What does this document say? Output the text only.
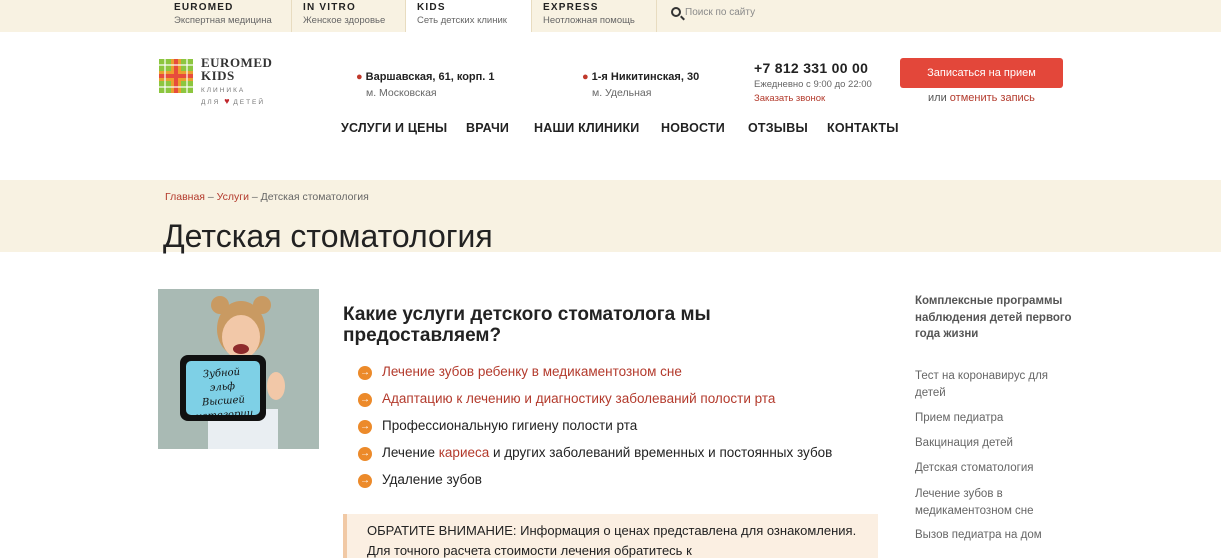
EUROMED
Экспертная медицина
IN VITRO
Женское здоровье
KIDS
Сеть детских клиник
EXPRESS
Неотложная помощь
Поиск по сайту
EUROMED
KIDS
КЛИНИКА
ДЛЯ ♥ ДЕТЕЙ
● Варшавская, 61, корп. 1
м. Московская
● 1-я Никитинская, 30
м. Удельная
+7 812 331 00 00
Ежедневно с 9:00 до 22:00
Заказать звонок
Записаться на прием
или отменить запись
УСЛУГИ И ЦЕНЫ ВРАЧИ НАШИ КЛИНИКИ НОВОСТИ ОТЗЫВЫ КОНТАКТЫ
Главная – Услуги – Детская стоматология
Детская стоматология
Зубной эльф Высшей категории
Какие услуги детского стоматолога мы предоставляем?
→ Лечение зубов ребенку в медикаментозном сне
→ Адаптацию к лечению и диагностику заболеваний полости рта
→ Профессиональную гигиену полости рта
→ Лечение кариеса и других заболеваний временных и постоянных зубов
→ Удаление зубов
ОБРАТИТЕ ВНИМАНИЕ: Информация о ценах представлена для ознакомления. Для точного расчета стоимости лечения обратитесь к
Комплексные программы наблюдения детей первого года жизни
Тест на коронавирус для детей
Прием педиатра
Вакцинация детей
Детская стоматология
Лечение зубов в медикаментозном сне
Вызов педиатра на дом
